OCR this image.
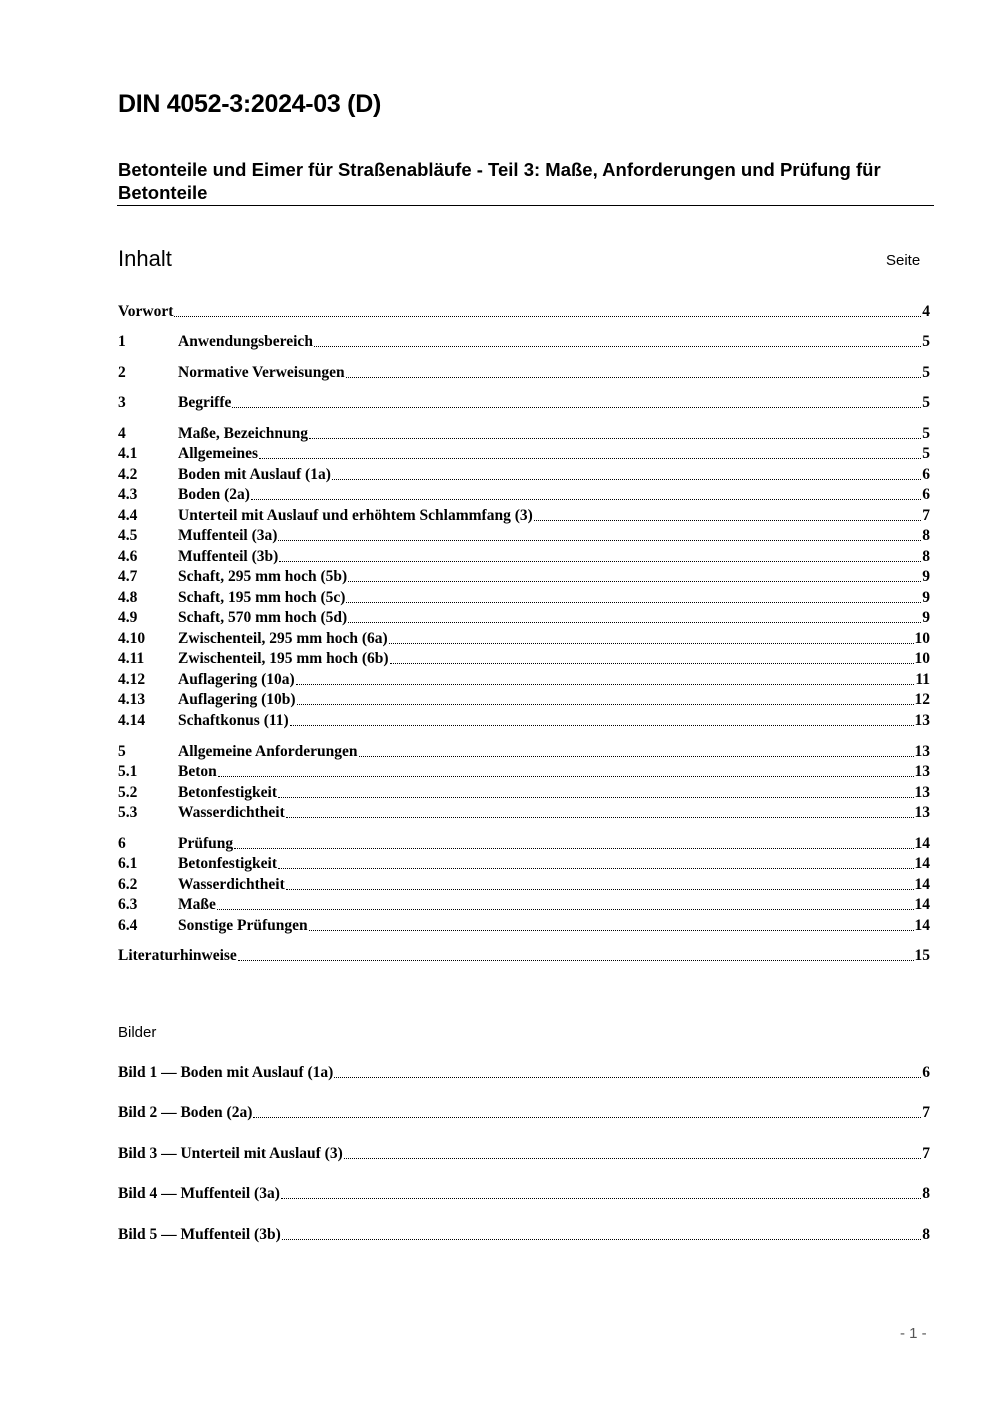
DIN 4052-3:2024-03 (D)
Betonteile und Eimer für Straßenabläufe - Teil 3: Maße, Anforderungen und Prüfung für Betonteile
Inhalt	Seite
Vorwort	4
1	Anwendungsbereich	5
2	Normative Verweisungen	5
3	Begriffe	5
4	Maße, Bezeichnung	5
4.1	Allgemeines	5
4.2	Boden mit Auslauf (1a)	6
4.3	Boden (2a)	6
4.4	Unterteil mit Auslauf und erhöhtem Schlammfang (3)	7
4.5	Muffenteil (3a)	8
4.6	Muffenteil (3b)	8
4.7	Schaft, 295 mm hoch (5b)	9
4.8	Schaft, 195 mm hoch (5c)	9
4.9	Schaft, 570 mm hoch (5d)	9
4.10	Zwischenteil, 295 mm hoch (6a)	10
4.11	Zwischenteil, 195 mm hoch (6b)	10
4.12	Auflagering (10a)	11
4.13	Auflagering (10b)	12
4.14	Schaftkonus (11)	13
5	Allgemeine Anforderungen	13
5.1	Beton	13
5.2	Betonfestigkeit	13
5.3	Wasserdichtheit	13
6	Prüfung	14
6.1	Betonfestigkeit	14
6.2	Wasserdichtheit	14
6.3	Maße	14
6.4	Sonstige Prüfungen	14
Literaturhinweise	15
Bilder
Bild 1 — Boden mit Auslauf (1a)	6
Bild 2 — Boden (2a)	7
Bild 3 — Unterteil mit Auslauf (3)	7
Bild 4 — Muffenteil (3a)	8
Bild 5 — Muffenteil (3b)	8
- 1 -
